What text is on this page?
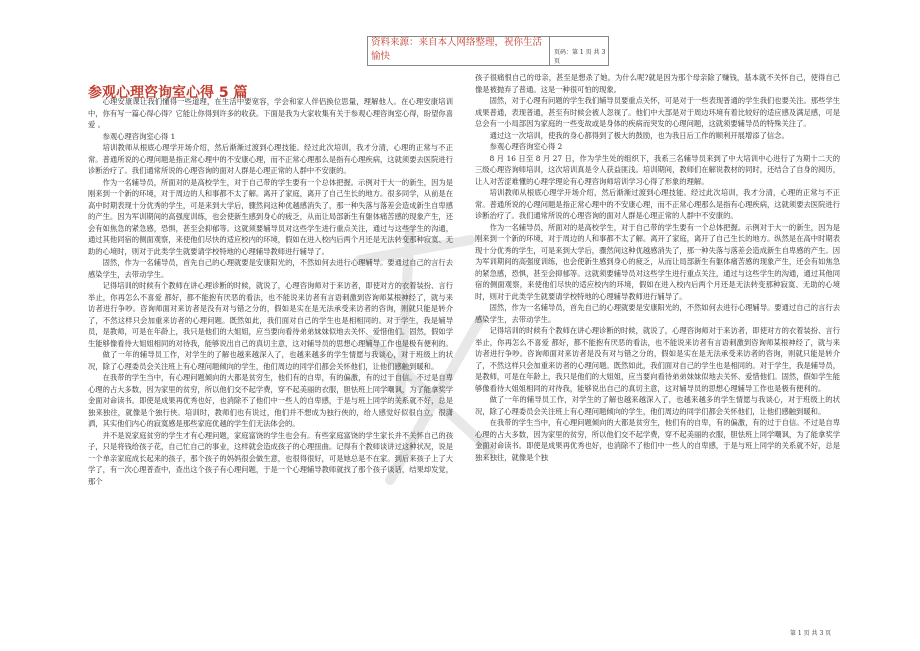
资料来源：来自本人网络整理，祝你生活愉快	页码：第 1 页 共 3 页
参观心理咨询室心得 5 篇

心理安康课让我们懂得一些道理，在生活中要宽容，学会和家人伴侣换位思量，理解他人。在心理安康培训中，你有写一篇心得心得？它能让你得到许多的收获。下面是我为大家收集有关于参观心理咨询室心得，盼望你喜爱 。

参观心理咨询室心得 1

培训教师从根底心理学开场介绍，然后渐渐过渡到心理技能。经过此次培训，我才分清，心理的正常与不正常。普通所说的心理问题是指正常心理中的不安康心理，而不正常心理那么是指有心理疾病，这就须要去医院进行诊断治疗了。我们通常所说的心理咨询的面对人群是心理正常的人群中不安康的。

作为一名辅导员，所面对的是高校学生，对于自己带的学生要有一个总体把握。示例对于大一的新生，因为是刚来到一个新的环境，对于周边的人和事都不太了解。离开了家庭，离开了自己生长的地方。很多同学，从前是在高中时期表现十分优秀的学生，可是来到大学后，骤然间这种优越感消失了，那一种失落与落差会造成新生自卑感的产生。因为军训期间的高强度训练，也会使新生感到身心的疲乏，从而让局部新生有躯体痛苦感的现象产生，还会有如焦急的紧急感，恐惧，甚至会抑郁等。这就须要辅导员对这些学生进行重点关注，通过与这些学生的沟通，通过其他同宿的侧面观察，来使他们尽快的适应校内的环境，假如在进入校内后两个月还是无法转变那种寂寞、无助的心境时，则对于此类学生就要请学校特地的心理辅导教师进行辅导了。

固然，作为一名辅导员，首先自己的心理就要是安康阳光的，不然如何去进行心理辅导。要通过自己的言行去感染学生，去带动学生。

记得培训的时候有个教师在讲心理诊断的时候，就说了，心理咨询师对于来访者，即使对方的衣着装扮、言行举止，你再怎么不喜爱 都好，都不能抱有厌恶的看法，也不能说来访者有言语刺激到咨询师某根神经了，就与来访者进行争吵。咨询师面对来访者是没有对与错之分的，假如是实在是无法承受来访者的咨询，则就只能是转介了，不然这样只会加重来访者的心理问题。既然如此，我们面对自己的学生也是相相同的。对于学生，我是辅导员，是教师，可是在年龄上，我只是他们的大姐姐，应当要向看待弟弟妹妹似地去关怀、爱惜他们。固然，假如学生能够像看待大姐姐相同的对待我，能够说出自己的真切主意，这对辅导员的思想心理辅导工作也是极有便利的。

做了一年的辅导员工作，对学生的了解也越来越深入了，也越来越多的学生情愿与我谈心，对于班级上的状况，除了心理委员会关注班上有心理问题倾向的学生，他们周边的同学们都会关怀他们，让他们感触到暖和。

在我带的学生当中，有心理问题倾向的大都是贫穷生，他们有的自卑，有的偏激，有的过于自信。不过是自卑心理的占大多数，因为家里的贫穷，所以他们交不起学费，穿不起美丽的衣服，胆怯班上同学嘲讽，为了能拿奖学金面对命读书。即使是成果再优秀也好，也消除不了他们中一些人的自卑感，于是与班上同学的关系就不好，总是独来独往，就像是个独行侠。培训时，教师们也有说过，他们并不想成为独行侠的，给人感觉好似很自立，很潇洒，其实他们内心的寂寞感是那些家庭优越的学生们无法体会的。

并不是说家庭贫穷的学生才有心理问题，家庭富饶的学生也会有。有些家庭富饶的学生家长并不关怀自己的孩子，只是将钱给孩子花，自己忙自己的事业，这样就会造成孩子的心理扭曲。记得有个教师谈讲过这种状况，说是一个单亲家庭成长起来的孩子，那个孩子的妈妈很会做生意，也很得很好，可是她总是不在家。到后来孩子上了大学了，有一次心理普查中，查出这个孩子有心理问题，于是一个心理辅导教师就找了那个孩子谈话，结果却发觉，那个

孩子很痛恨自己的母亲，甚至是想杀了她。为什么呢?就是因为那个母亲除了赚钱，基本就不关怀自己，使得自己像是被抛弃了普通。这是一种很可怕的现象。

固然，对于心理有问题的学生我们辅导员要重点关怀，可是对于一些表现普通的学生我们也要关注。那些学生成果普通，表现普通，甚至有时候会被人忽视了。他们中大部是对于周边环境有着比较好的适应感及满足感，可是总会有一小局部因为家庭的一些变故或是身体的疾病而突发的心理问题，这就须要辅导员的特殊关注了。

通过这一次培训，使我的身心都得到了极大的鼓励，也为我日后工作的顺利开展增添了信念。

参观心理咨询室心得 2

8 月 16 日至 8 月 27 日，作为学生处的组织下，我系三名辅导员来到了中大培训中心进行了为期十二天的三级心理咨询师培训，这次培训真是令人获益匪浅。培训期间，教师们在解说教材的同时，还结合了自身的阅历，让人对苦涩难懂的心理学理论有心理咨询师培训学习心得了形象的理解。

培训教师从根底心理学开场介绍，然后渐渐过渡到心理技能。经过此次培训，我才分清，心理的正常与不正常。普通所说的心理问题是指正常心理中的不安康心理，而不正常心理那么是指有心理疾病，这就须要去医院进行诊断治疗了。我们通常所说的心理咨询的面对人群是心理正常的人群中不安康的。

作为一名辅导员，所面对的是高校学生，对于自己带的学生要有一个总体把握。示例对于大一的新生，因为是刚来到一个新的环境，对于周边的人和事都不太了解。离开了家庭，离开了自己生长的地方。纵然是在高中时期表现十分优秀的学生，可是来到大学后，骤然间这种优越感消失了，那一种失落与落差会造成新生自卑感的产生。因为军训期间的高强度训练，也会使新生感到身心的疲乏，从而让局部新生有躯体痛苦感的现象产生，还会有如焦急的紧急感，恐惧，甚至会抑郁等。这就须要辅导员对这些学生进行重点关注，通过与这些学生的沟通，通过其他同宿的侧面观察，来使他们尽快的适应校内的环境，假如在进入校内后两个月还是无法转变那种寂寞、无助的心境时，则对于此类学生就要请学校特地的心理辅导教师进行辅导了。

固然，作为一名辅导员，首先自己的心理就要是安康阳光的，不然如何去进行心理辅导。要通过自己的言行去感染学生，去带动学生。

记得培训的时候有个教师在讲心理诊断的时候，就说了，心理咨询师对于来访者，即使对方的衣着装扮、言行举止，你再怎么不喜爱 都好，都不能抱有厌恶的看法，也不能说来访者有言语刺激到咨询师某根神经了，就与来访者进行争吵。咨询师面对来访者是没有对与错之分的，假如是实在是无法承受来访者的咨询，则就只能是转介了，不然这样只会加重来访者的心理问题。既然如此，我们面对自己的学生也是相同的。对于学生，我是辅导员，是教师，可是在年龄上，我只是他们的大姐姐，应当要向看待弟弟妹妹似地去关怀、爱惜他们。固然，假如学生能够像看待大姐姐相同的对待我，能够说出自己的真切主意，这对辅导员的思想心理辅导工作也是极有便利的。

做了一年的辅导员工作，对学生的了解也越来越深入了，也越来越多的学生情愿与我谈心，对于班级上的状况，除了心理委员会关注班上有心理问题倾向的学生，他们周边的同学们都会关怀他们，让他们感触到暖和。

在我带的学生当中，有心理问题倾向的大都是贫穷生，他们有的自卑，有的偏激，有的过于自信。不过是自卑心理的占大多数，因为家里的贫穷，所以他们交不起学费，穿不起美丽的衣服，胆怯班上同学嘲讽，为了能拿奖学金面对命读书。即使是成果再优秀也好，也消除不了他们中一些人的自卑感，于是与班上同学的关系就不好，总是独来独往，就像是个独

第 1 页 共 3 页
